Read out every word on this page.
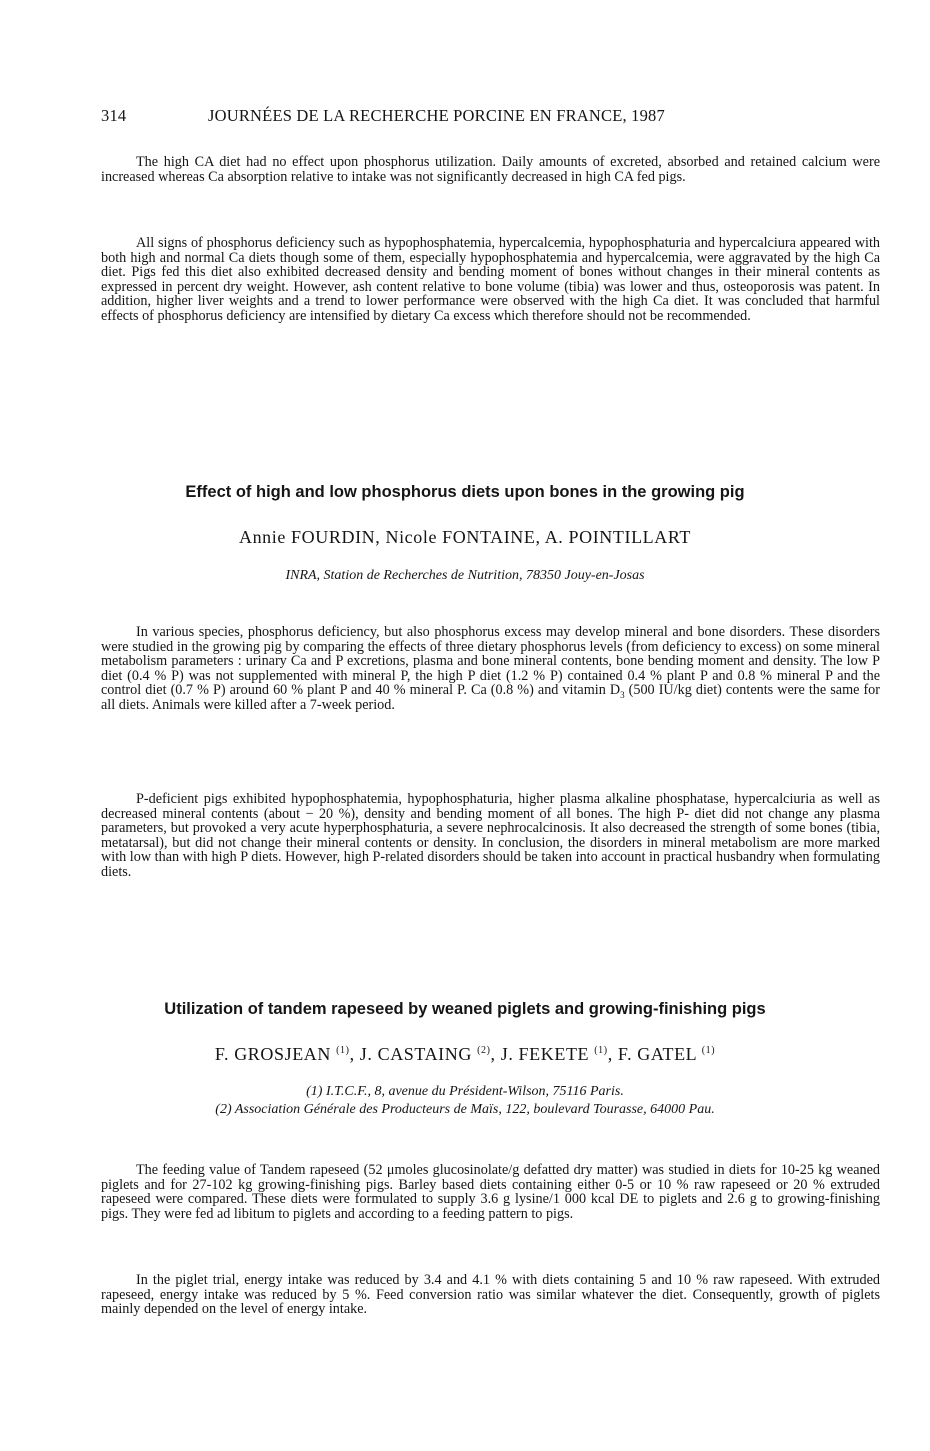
314	JOURNÉES DE LA RECHERCHE PORCINE EN FRANCE, 1987

The high CA diet had no effect upon phosphorus utilization. Daily amounts of excreted, absorbed and retained calcium were increased whereas Ca absorption relative to intake was not significantly decreased in high CA fed pigs.

All signs of phosphorus deficiency such as hypophosphatemia, hypercalcemia, hypophosphaturia and hypercalciura appeared with both high and normal Ca diets though some of them, especially hypophosphatemia and hypercalcemia, were aggravated by the high Ca diet. Pigs fed this diet also exhibited decreased density and bending moment of bones without changes in their mineral contents as expressed in percent dry weight. However, ash content relative to bone volume (tibia) was lower and thus, osteoporosis was patent. In addition, higher liver weights and a trend to lower performance were observed with the high Ca diet. It was concluded that harmful effects of phosphorus deficiency are intensified by dietary Ca excess which therefore should not be recommended.

Effect of high and low phosphorus diets upon bones in the growing pig

Annie FOURDIN, Nicole FONTAINE, A. POINTILLART

INRA, Station de Recherches de Nutrition, 78350 Jouy-en-Josas

In various species, phosphorus deficiency, but also phosphorus excess may develop mineral and bone disorders. These disorders were studied in the growing pig by comparing the effects of three dietary phosphorus levels (from deficiency to excess) on some mineral metabolism parameters : urinary Ca and P excretions, plasma and bone mineral contents, bone bending moment and density. The low P diet (0.4 % P) was not supplemented with mineral P, the high P diet (1.2 % P) contained 0.4 % plant P and 0.8 % mineral P and the control diet (0.7 % P) around 60 % plant P and 40 % mineral P. Ca (0.8 %) and vitamin $D_3$ (500 IU/kg diet) contents were the same for all diets. Animals were killed after a 7-week period.

P-deficient pigs exhibited hypophosphatemia, hypophosphaturia, higher plasma alkaline phosphatase, hypercalciuria as well as decreased mineral contents (about − 20 %), density and bending moment of all bones. The high P- diet did not change any plasma parameters, but provoked a very acute hyperphosphaturia, a severe nephrocalcinosis. It also decreased the strength of some bones (tibia, metatarsal), but did not change their mineral contents or density. In conclusion, the disorders in mineral metabolism are more marked with low than with high P diets. However, high P-related disorders should be taken into account in practical husbandry when formulating diets.

Utilization of tandem rapeseed by weaned piglets and growing-finishing pigs

F. GROSJEAN $^{(1)}$, J. CASTAING $^{(2)}$, J. FEKETE $^{(1)}$, F. GATEL $^{(1)}$

(1) I.T.C.F., 8, avenue du Président-Wilson, 75116 Paris.

(2) Association Générale des Producteurs de Maïs, 122, boulevard Tourasse, 64000 Pau.

The feeding value of Tandem rapeseed (52 μmoles glucosinolate/g defatted dry matter) was studied in diets for 10-25 kg weaned piglets and for 27-102 kg growing-finishing pigs. Barley based diets containing either 0-5 or 10 % raw rapeseed or 20 % extruded rapeseed were compared. These diets were formulated to supply 3.6 g lysine/1 000 kcal DE to piglets and 2.6 g to growing-finishing pigs. They were fed ad libitum to piglets and according to a feeding pattern to pigs.

In the piglet trial, energy intake was reduced by 3.4 and 4.1 % with diets containing 5 and 10 % raw rapeseed. With extruded rapeseed, energy intake was reduced by 5 %. Feed conversion ratio was similar whatever the diet. Consequently, growth of piglets mainly depended on the level of energy intake.
